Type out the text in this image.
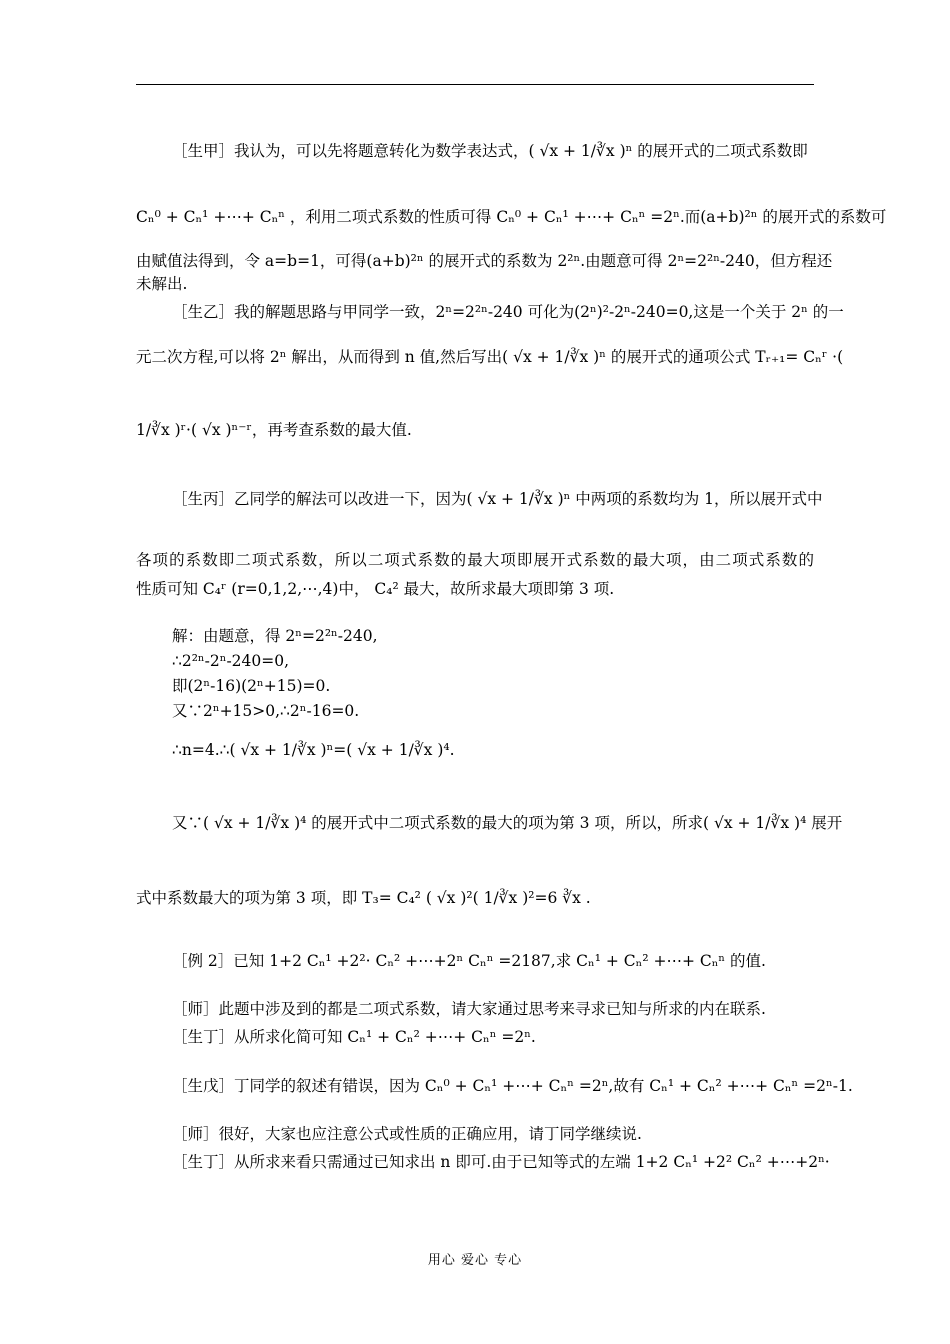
［生甲］我认为，可以先将题意转化为数学表达式，( √x + 1/∛x )ⁿ 的展开式的二项式系数即
Cₙ⁰ + Cₙ¹ +⋯+ Cₙⁿ ，利用二项式系数的性质可得 Cₙ⁰ + Cₙ¹ +⋯+ Cₙⁿ =2ⁿ.而(a+b)²ⁿ 的展开式的系数可
由赋值法得到，令 a=b=1，可得(a+b)²ⁿ 的展开式的系数为 2²ⁿ.由题意可得 2ⁿ=2²ⁿ-240，但方程还
未解出.
［生乙］我的解题思路与甲同学一致，2ⁿ=2²ⁿ-240 可化为(2ⁿ)²-2ⁿ-240=0,这是一个关于 2ⁿ 的一
元二次方程,可以将 2ⁿ 解出，从而得到 n 值,然后写出( √x + 1/∛x )ⁿ 的展开式的通项公式 Tᵣ₊₁= Cₙʳ ·(
1/∛x )ʳ·( √x )ⁿ⁻ʳ，再考查系数的最大值.
［生丙］乙同学的解法可以改进一下，因为( √x + 1/∛x )ⁿ 中两项的系数均为 1，所以展开式中
各项的系数即二项式系数，所以二项式系数的最大项即展开式系数的最大项，由二项式系数的
性质可知 C₄ʳ (r=0,1,2,⋯,4)中， C₄² 最大，故所求最大项即第 3 项.
解：由题意，得 2ⁿ=2²ⁿ-240,
∴2²ⁿ-2ⁿ-240=0,
即(2ⁿ-16)(2ⁿ+15)=0.
又∵2ⁿ+15>0,∴2ⁿ-16=0.
∴n=4.∴( √x + 1/∛x )ⁿ=( √x + 1/∛x )⁴.
又∵( √x + 1/∛x )⁴ 的展开式中二项式系数的最大的项为第 3 项，所以，所求( √x + 1/∛x )⁴ 展开
式中系数最大的项为第 3 项，即 T₃= C₄² ( √x )²( 1/∛x )²=6 ∛x .
［例 2］已知 1+2 Cₙ¹ +2²· Cₙ² +⋯+2ⁿ Cₙⁿ =2187,求 Cₙ¹ + Cₙ² +⋯+ Cₙⁿ 的值.
［师］此题中涉及到的都是二项式系数，请大家通过思考来寻求已知与所求的内在联系.
［生丁］从所求化简可知 Cₙ¹ + Cₙ² +⋯+ Cₙⁿ =2ⁿ.
［生戊］丁同学的叙述有错误，因为 Cₙ⁰ + Cₙ¹ +⋯+ Cₙⁿ =2ⁿ,故有 Cₙ¹ + Cₙ² +⋯+ Cₙⁿ =2ⁿ-1.
［师］很好，大家也应注意公式或性质的正确应用，请丁同学继续说.
［生丁］从所求来看只需通过已知求出 n 即可.由于已知等式的左端 1+2 Cₙ¹ +2² Cₙ² +⋯+2ⁿ·
用心 爱心 专心
